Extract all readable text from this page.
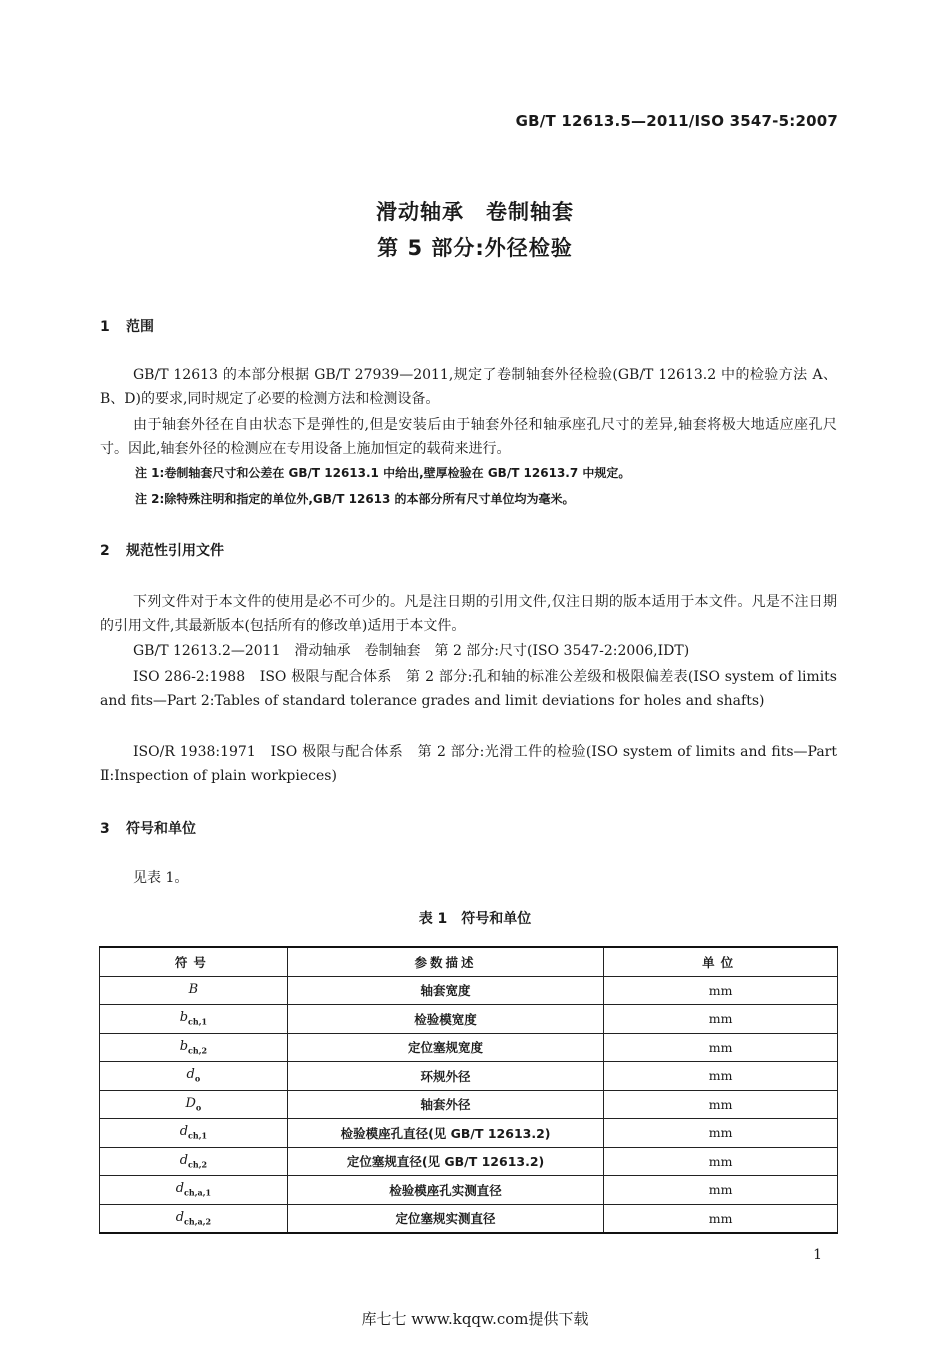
GB/T 12613.5—2011/ISO 3547-5:2007
滑动轴承　卷制轴套
第 5 部分:外径检验
1 范围
GB/T 12613 的本部分根据 GB/T 27939—2011,规定了卷制轴套外径检验(GB/T 12613.2 中的检验方法 A、B、D)的要求,同时规定了必要的检测方法和检测设备。
由于轴套外径在自由状态下是弹性的,但是安装后由于轴套外径和轴承座孔尺寸的差异,轴套将极大地适应座孔尺寸。因此,轴套外径的检测应在专用设备上施加恒定的载荷来进行。
注 1:卷制轴套尺寸和公差在 GB/T 12613.1 中给出,壁厚检验在 GB/T 12613.7 中规定。
注 2:除特殊注明和指定的单位外,GB/T 12613 的本部分所有尺寸单位均为毫米。
2 规范性引用文件
下列文件对于本文件的使用是必不可少的。凡是注日期的引用文件,仅注日期的版本适用于本文件。凡是不注日期的引用文件,其最新版本(包括所有的修改单)适用于本文件。
GB/T 12613.2—2011　滑动轴承　卷制轴套　第 2 部分:尺寸(ISO 3547-2:2006,IDT)
ISO 286-2:1988　ISO 极限与配合体系　第 2 部分:孔和轴的标准公差级和极限偏差表(ISO system of limits and fits—Part 2:Tables of standard tolerance grades and limit deviations for holes and shafts)
ISO/R 1938:1971　ISO 极限与配合体系　第 2 部分:光滑工件的检验(ISO system of limits and fits—Part Ⅱ:Inspection of plain workpieces)
3 符号和单位
见表 1。
表 1　符号和单位
符号	参数描述	单位
B	轴套宽度	mm
$b_{ch,1}$	检验模宽度	mm
$b_{ch,2}$	定位塞规宽度	mm
$d_o$	环规外径	mm
$D_o$	轴套外径	mm
$d_{ch,1}$	检验模座孔直径(见 GB/T 12613.2)	mm
$d_{ch,2}$	定位塞规直径(见 GB/T 12613.2)	mm
$d_{ch,a,1}$	检验模座孔实测直径	mm
$d_{ch,a,2}$	定位塞规实测直径	mm
1
库七七 www.kqqw.com提供下载
